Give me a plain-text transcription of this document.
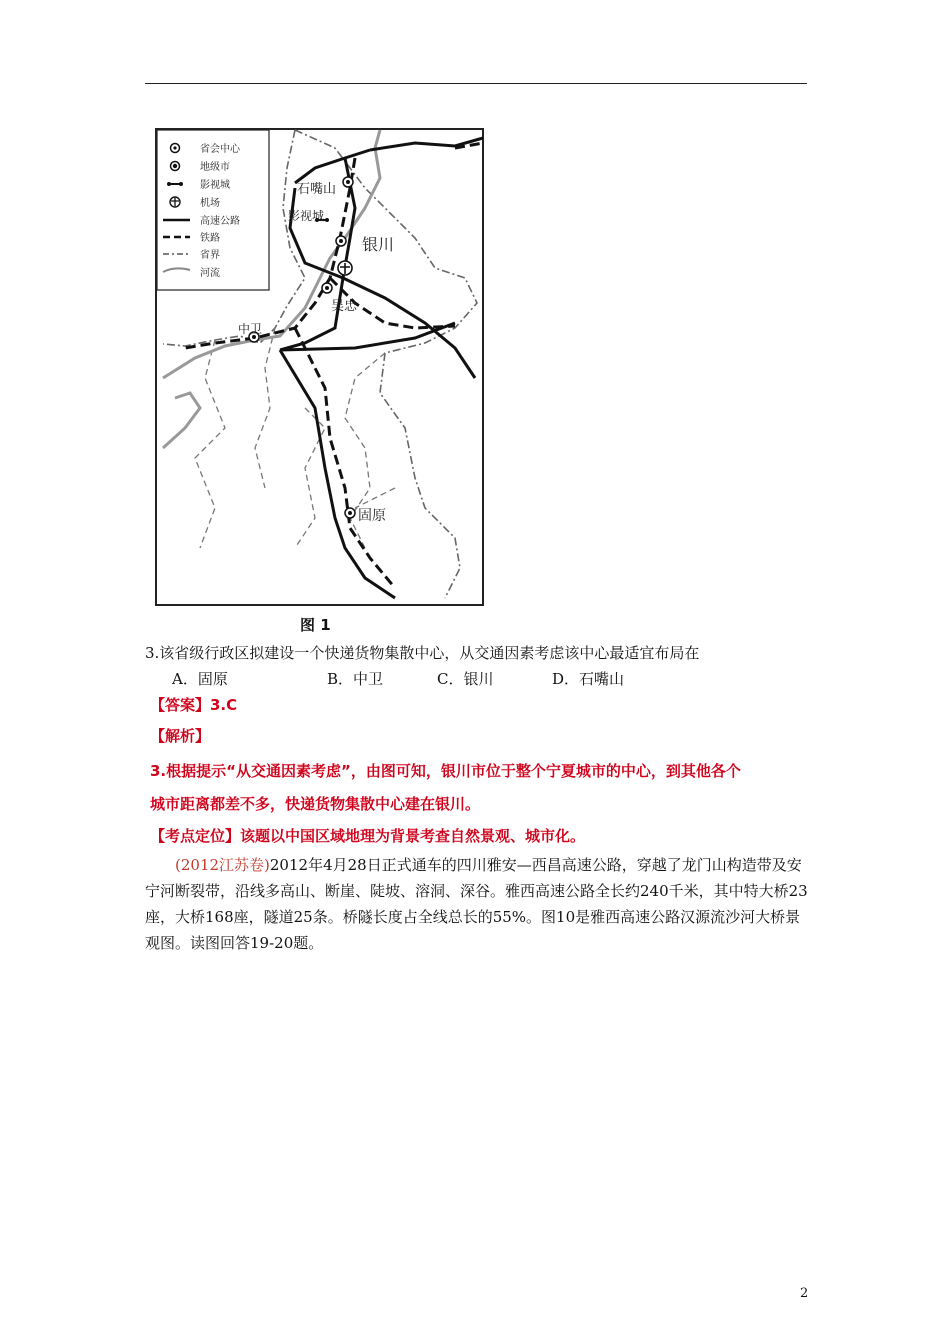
省会中心
地级市
影视城
机场
高速公路
铁路
省界
河流
石嘴山
影视城
银川
吴忠
中卫
固原
图 1
3.该省级行政区拟建设一个快递货物集散中心，从交通因素考虑该中心最适宜布局在
A．固原	B．中卫	C．银川	D．石嘴山
【答案】3.C
【解析】
3.根据提示“从交通因素考虑”，由图可知，银川市位于整个宁夏城市的中心，到其他各个
城市距离都差不多，快递货物集散中心建在银川。
【考点定位】该题以中国区域地理为背景考查自然景观、城市化。
(2012江苏卷)2012年4月28日正式通车的四川雅安—西昌高速公路，穿越了龙门山构造带及安宁河断裂带，沿线多高山、断崖、陡坡、溶洞、深谷。雅西高速公路全长约240千米，其中特大桥23座，大桥168座，隧道25条。桥隧长度占全线总长的55%。图10是雅西高速公路汉源流沙河大桥景观图。读图回答19-20题。
2
